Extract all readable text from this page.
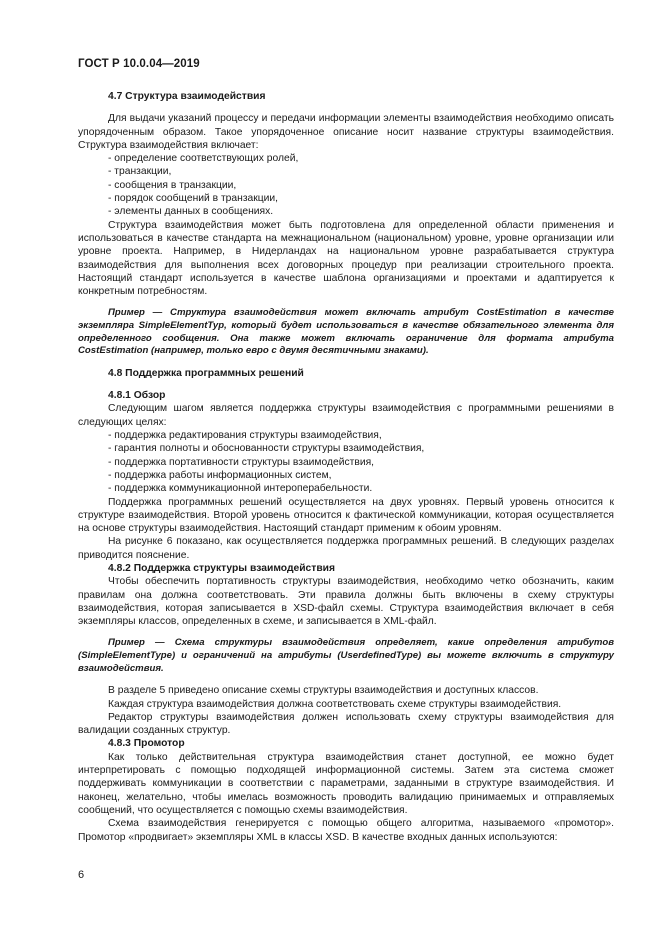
ГОСТ Р 10.0.04—2019

4.7 Структура взаимодействия

Для выдачи указаний процессу и передачи информации элементы взаимодействия необходимо описать упорядоченным образом. Такое упорядоченное описание носит название структуры взаимодействия. Структура взаимодействия включает:

- определение соответствующих ролей,

- транзакции,

- сообщения в транзакции,

- порядок сообщений в транзакции,

- элементы данных в сообщениях.

Структура взаимодействия может быть подготовлена для определенной области применения и использоваться в качестве стандарта на межнациональном (национальном) уровне, уровне организации или уровне проекта. Например, в Нидерландах на национальном уровне разрабатывается структура взаимодействия для выполнения всех договорных процедур при реализации строительного проекта. Настоящий стандарт используется в качестве шаблона организациями и проектами и адаптируется к конкретным потребностям.

Пример — Структура взаимодействия может включать атрибут CostEstimation в качестве экземпляра SimpleElementTyp, который будет использоваться в качестве обязательного элемента для определенного сообщения. Она также может включать ограничение для формата атрибута CostEstimation (например, только евро с двумя десятичными знаками).

4.8 Поддержка программных решений

4.8.1 Обзор

Следующим шагом является поддержка структуры взаимодействия с программными решениями в следующих целях:

- поддержка редактирования структуры взаимодействия,

- гарантия полноты и обоснованности структуры взаимодействия,

- поддержка портативности структуры взаимодействия,

- поддержка работы информационных систем,

- поддержка коммуникационной интероперабельности.

Поддержка программных решений осуществляется на двух уровнях. Первый уровень относится к структуре взаимодействия. Второй уровень относится к фактической коммуникации, которая осуществляется на основе структуры взаимодействия. Настоящий стандарт применим к обоим уровням.

На рисунке 6 показано, как осуществляется поддержка программных решений. В следующих разделах приводится пояснение.

4.8.2 Поддержка структуры взаимодействия

Чтобы обеспечить портативность структуры взаимодействия, необходимо четко обозначить, каким правилам она должна соответствовать. Эти правила должны быть включены в схему структуры взаимодействия, которая записывается в XSD-файл схемы. Структура взаимодействия включает в себя экземпляры классов, определенных в схеме, и записывается в XML-файл.

Пример — Схема структуры взаимодействия определяет, какие определения атрибутов (SimpleElementType) и ограничений на атрибуты (UserdefinedType) вы можете включить в структуру взаимодействия.

В разделе 5 приведено описание схемы структуры взаимодействия и доступных классов.

Каждая структура взаимодействия должна соответствовать схеме структуры взаимодействия.

Редактор структуры взаимодействия должен использовать схему структуры взаимодействия для валидации созданных структур.

4.8.3 Промотор

Как только действительная структура взаимодействия станет доступной, ее можно будет интерпретировать с помощью подходящей информационной системы. Затем эта система сможет поддерживать коммуникации в соответствии с параметрами, заданными в структуре взаимодействия. И наконец, желательно, чтобы имелась возможность проводить валидацию принимаемых и отправляемых сообщений, что осуществляется с помощью схемы взаимодействия.

Схема взаимодействия генерируется с помощью общего алгоритма, называемого «промотор». Промотор «продвигает» экземпляры XML в классы XSD. В качестве входных данных используются:

6
